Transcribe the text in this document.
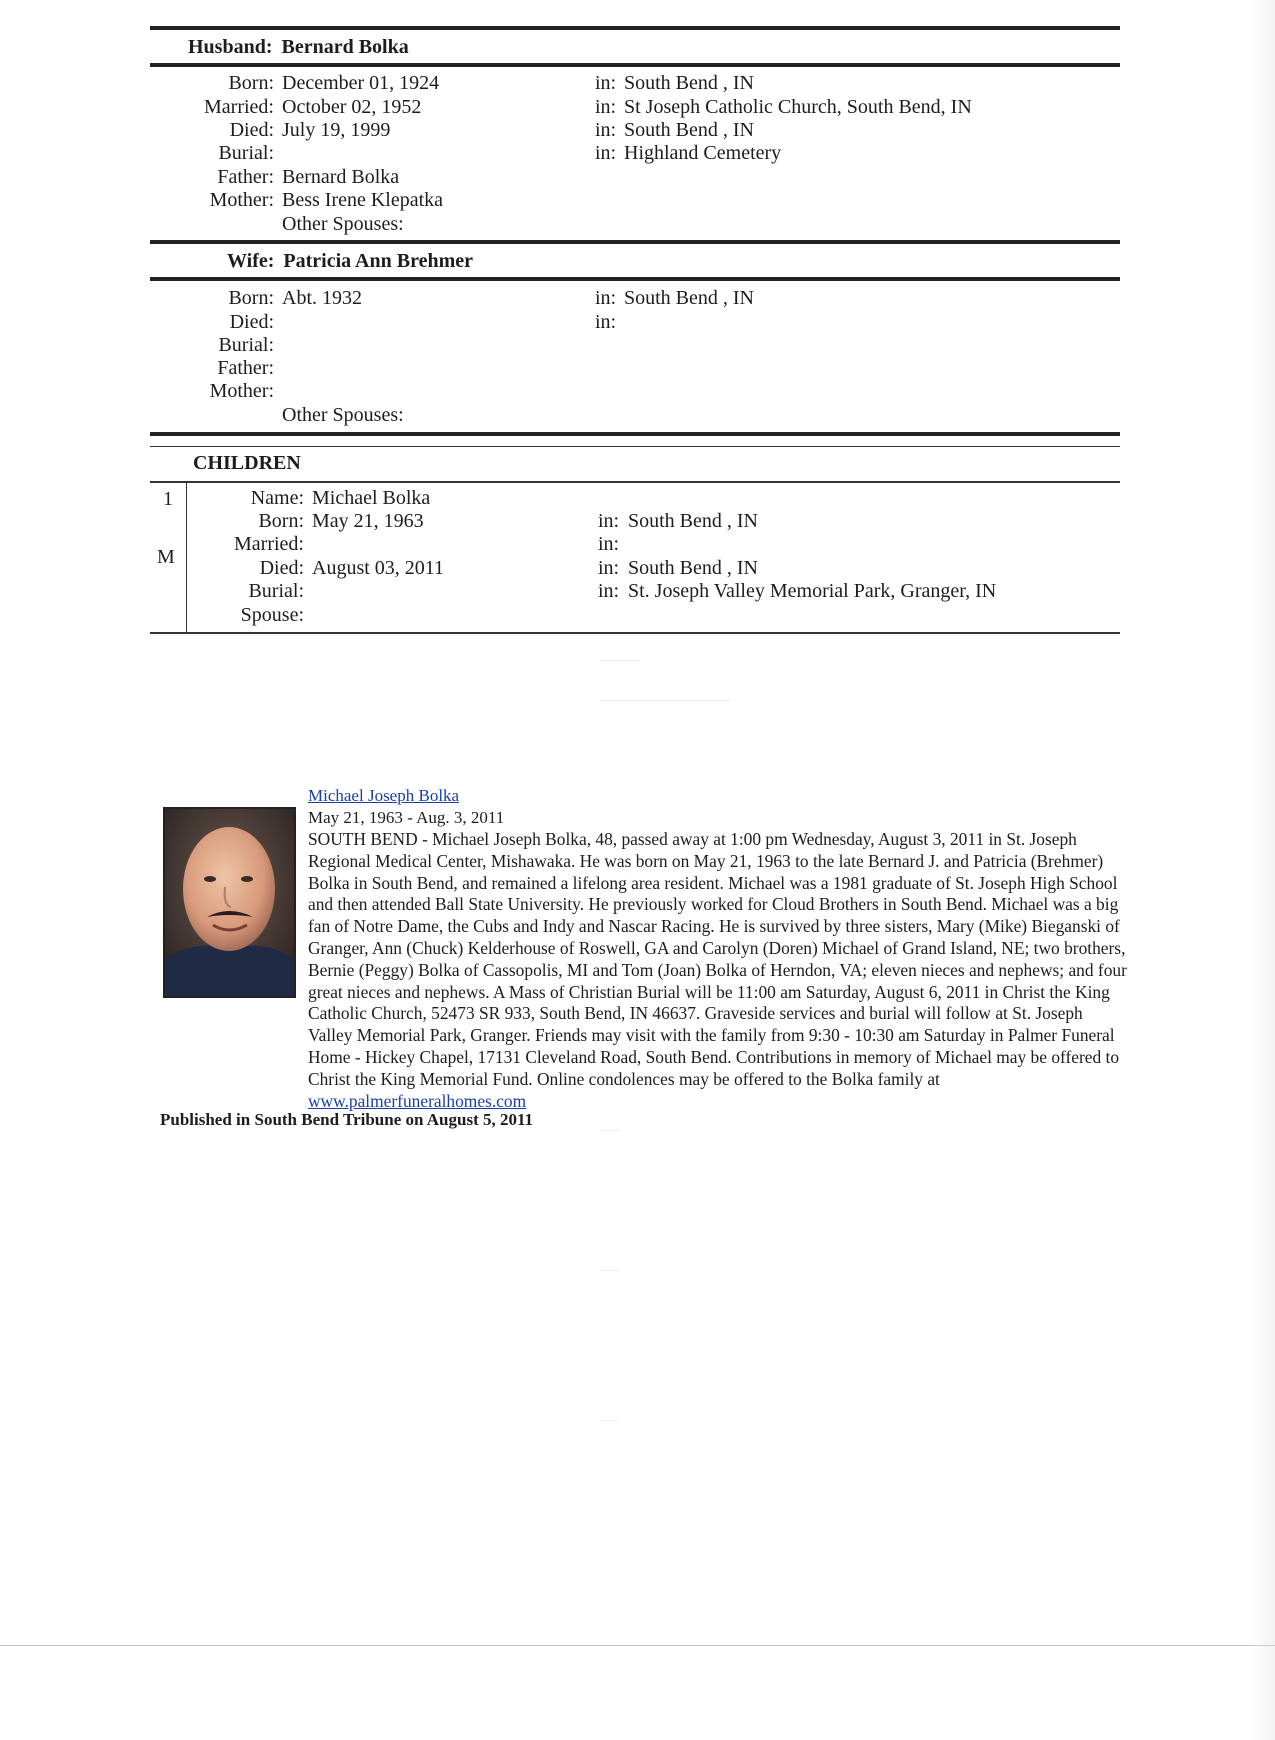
Husband: Bernard Bolka
Born: December 01, 1924	in: South Bend , IN
Married: October 02, 1952	in: St Joseph Catholic Church, South Bend, IN
Died: July 19, 1999	in: South Bend , IN
Burial:	in: Highland Cemetery
Father: Bernard Bolka
Mother: Bess Irene Klepatka
Other Spouses:
Wife: Patricia Ann Brehmer
Born: Abt. 1932	in: South Bend , IN
Died:	in:
Burial:
Father:
Mother:
Other Spouses:
CHILDREN
1
M
Name: Michael Bolka
Born: May 21, 1963	in: South Bend , IN
Married:	in:
Died: August 03, 2011	in: South Bend , IN
Burial:	in: St. Joseph Valley Memorial Park, Granger, IN
Spouse:
Michael Joseph Bolka
May 21, 1963 - Aug. 3, 2011
SOUTH BEND - Michael Joseph Bolka, 48, passed away at 1:00 pm Wednesday, August 3, 2011 in St. Joseph Regional Medical Center, Mishawaka. He was born on May 21, 1963 to the late Bernard J. and Patricia (Brehmer) Bolka in South Bend, and remained a lifelong area resident. Michael was a 1981 graduate of St. Joseph High School and then attended Ball State University. He previously worked for Cloud Brothers in South Bend. Michael was a big fan of Notre Dame, the Cubs and Indy and Nascar Racing. He is survived by three sisters, Mary (Mike) Bieganski of Granger, Ann (Chuck) Kelderhouse of Roswell, GA and Carolyn (Doren) Michael of Grand Island, NE; two brothers, Bernie (Peggy) Bolka of Cassopolis, MI and Tom (Joan) Bolka of Herndon, VA; eleven nieces and nephews; and four great nieces and nephews. A Mass of Christian Burial will be 11:00 am Saturday, August 6, 2011 in Christ the King Catholic Church, 52473 SR 933, South Bend, IN 46637. Graveside services and burial will follow at St. Joseph Valley Memorial Park, Granger. Friends may visit with the family from 9:30 - 10:30 am Saturday in Palmer Funeral Home - Hickey Chapel, 17131 Cleveland Road, South Bend. Contributions in memory of Michael may be offered to Christ the King Memorial Fund. Online condolences may be offered to the Bolka family at
www.palmerfuneralhomes.com
Published in South Bend Tribune on August 5, 2011
